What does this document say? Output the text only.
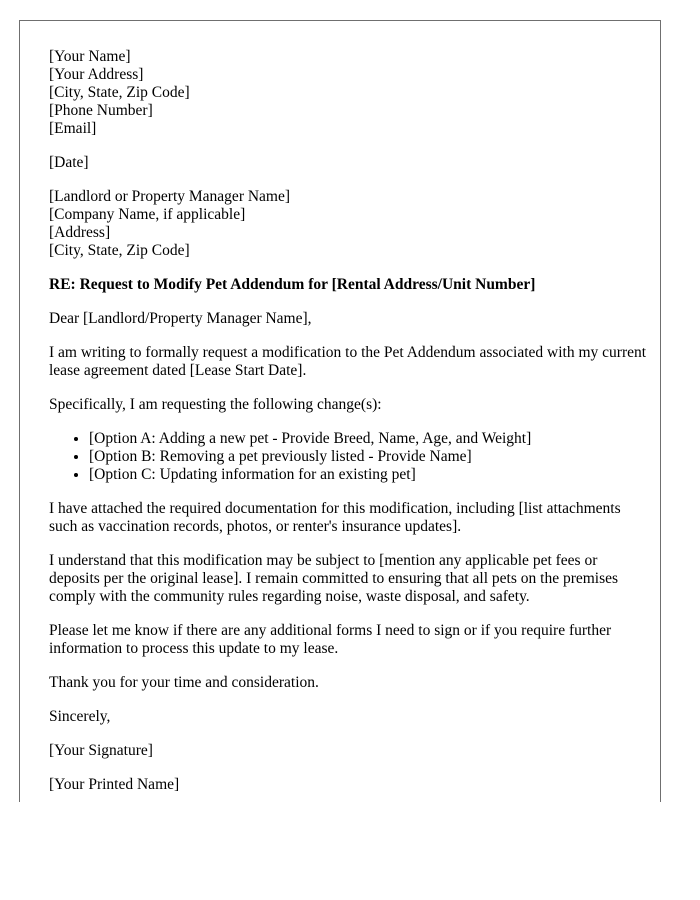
[Your Name]
[Your Address]
[City, State, Zip Code]
[Phone Number]
[Email]
[Date]
[Landlord or Property Manager Name]
[Company Name, if applicable]
[Address]
[City, State, Zip Code]
RE: Request to Modify Pet Addendum for [Rental Address/Unit Number]
Dear [Landlord/Property Manager Name],
I am writing to formally request a modification to the Pet Addendum associated with my current lease agreement dated [Lease Start Date].
Specifically, I am requesting the following change(s):
• [Option A: Adding a new pet - Provide Breed, Name, Age, and Weight]
• [Option B: Removing a pet previously listed - Provide Name]
• [Option C: Updating information for an existing pet]
I have attached the required documentation for this modification, including [list attachments such as vaccination records, photos, or renter's insurance updates].
I understand that this modification may be subject to [mention any applicable pet fees or deposits per the original lease]. I remain committed to ensuring that all pets on the premises comply with the community rules regarding noise, waste disposal, and safety.
Please let me know if there are any additional forms I need to sign or if you require further information to process this update to my lease.
Thank you for your time and consideration.
Sincerely,
[Your Signature]
[Your Printed Name]
